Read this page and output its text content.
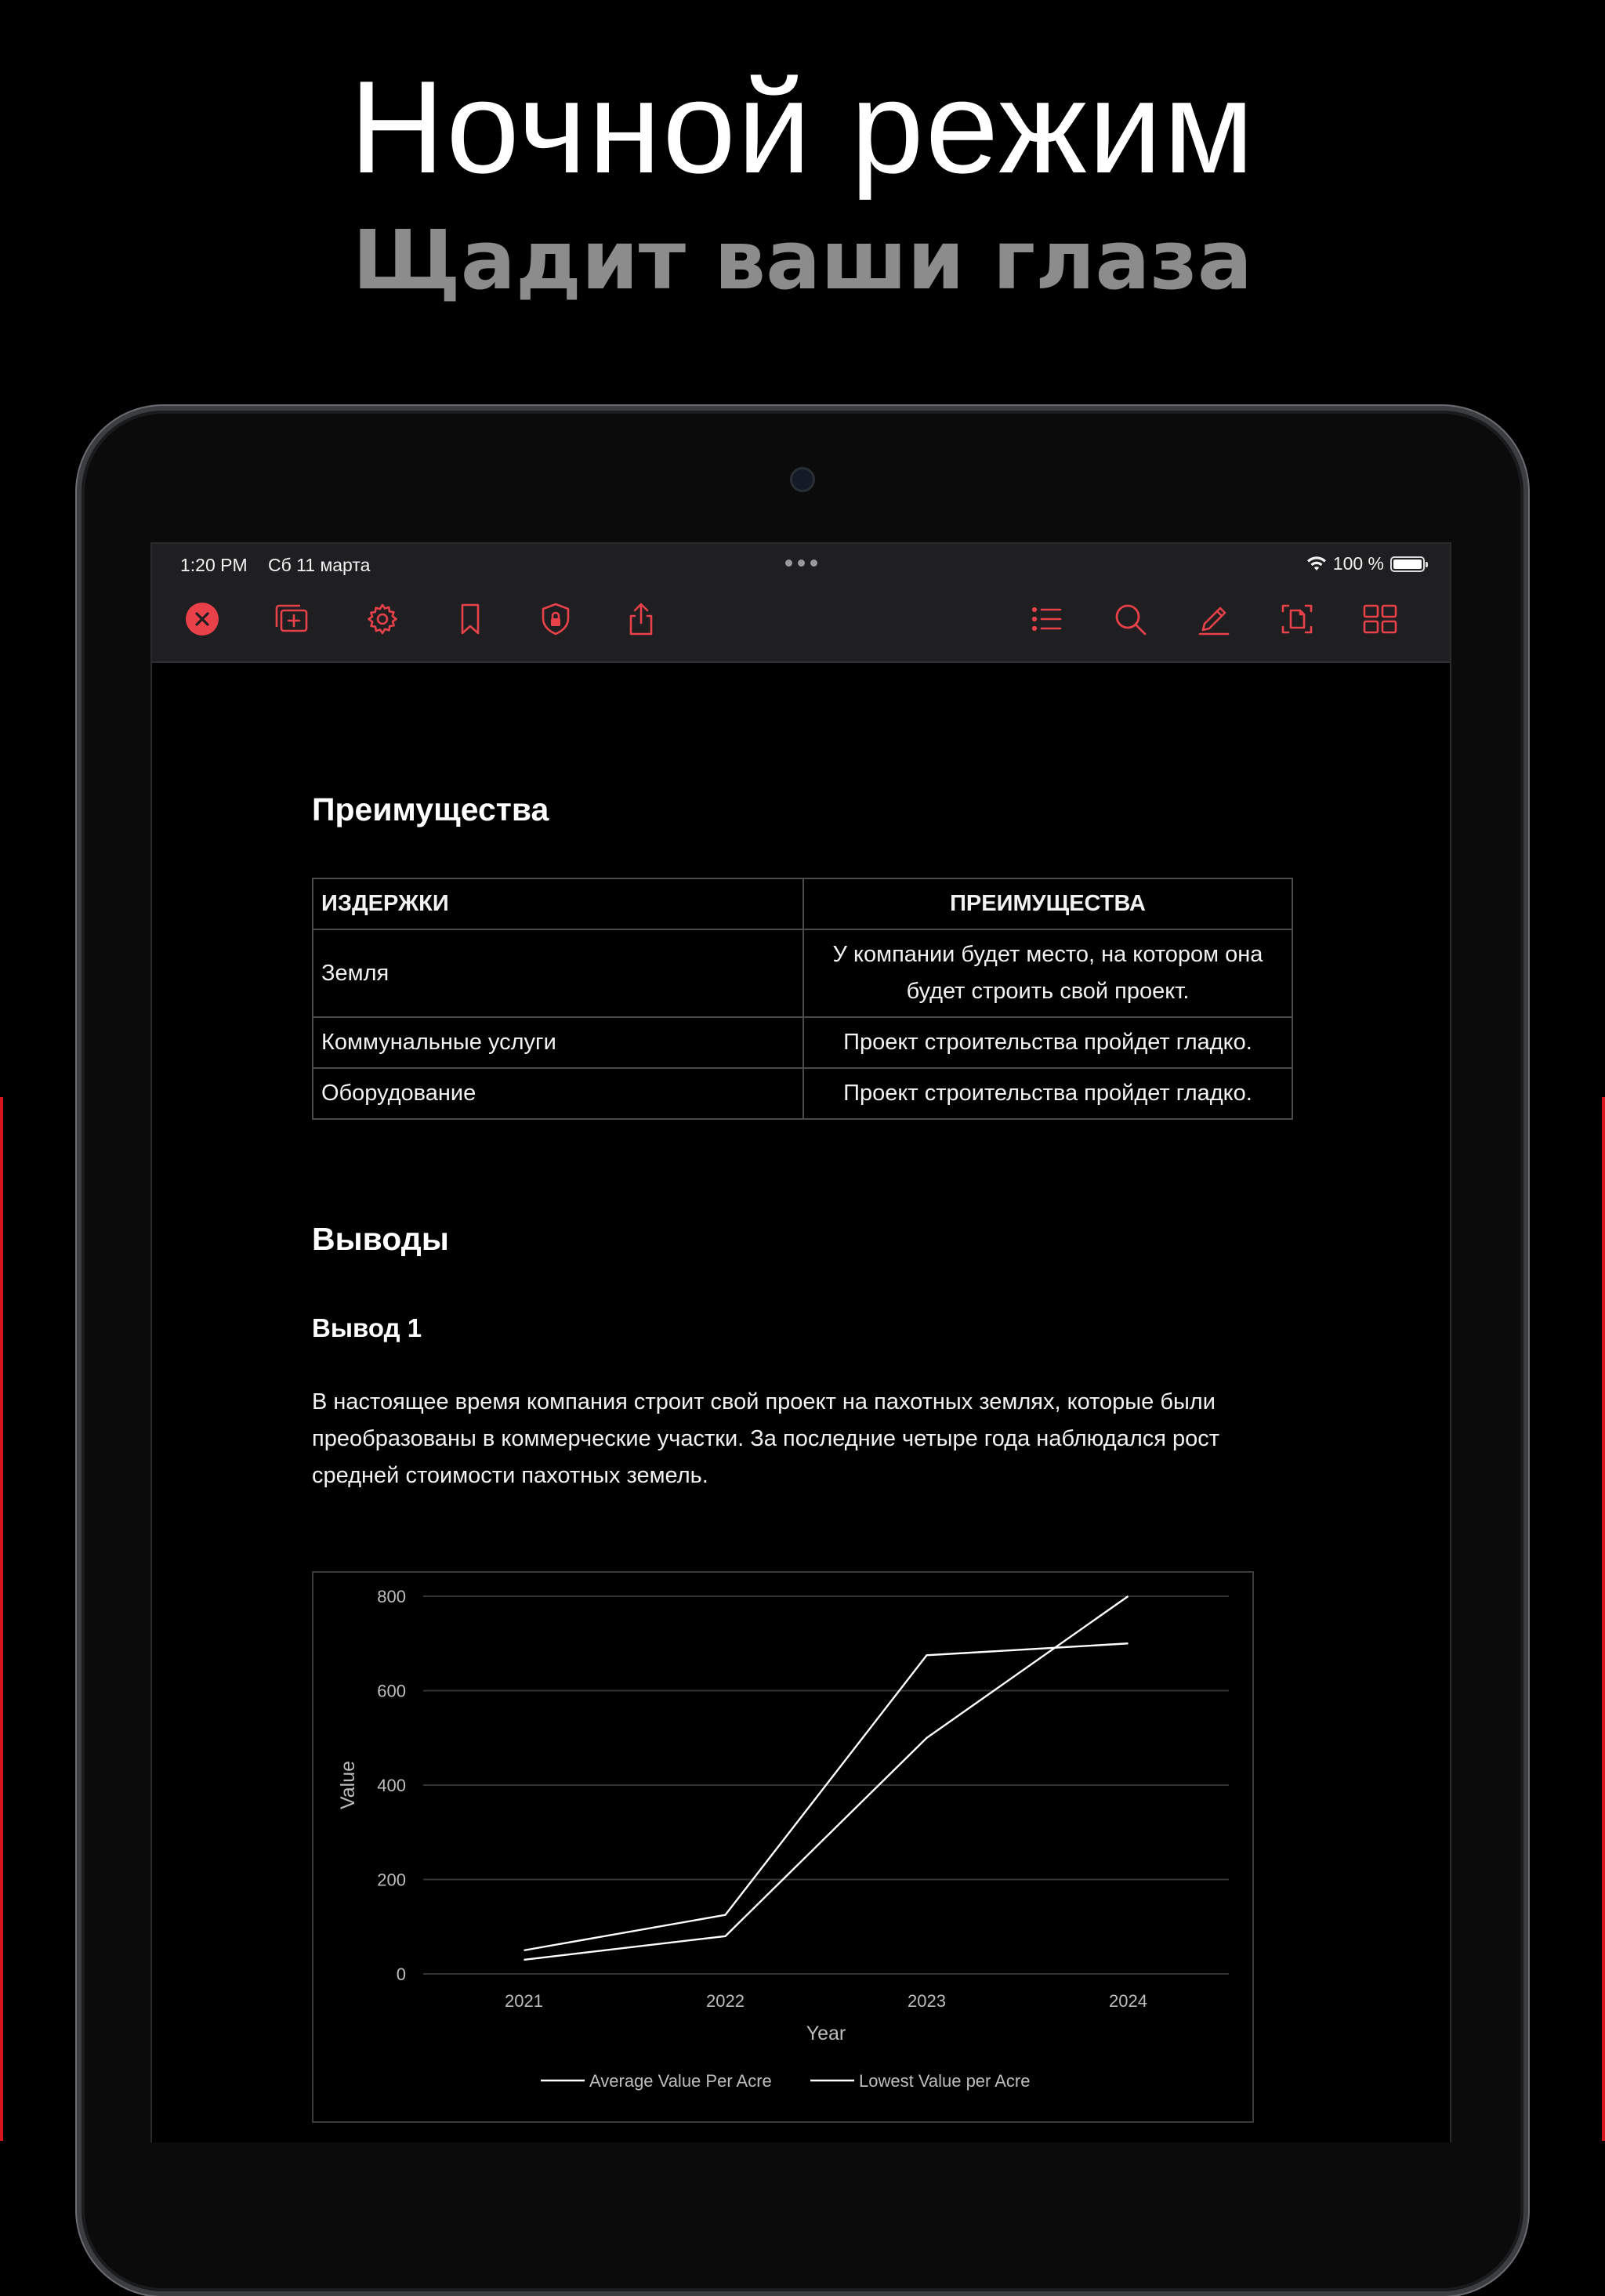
Ночной режим
Щадит ваши глаза
1:20 PM Сб 11 марта	100 %
Преимущества
ИЗДЕРЖКИ	ПРЕИМУЩЕСТВА
Земля	У компании будет место, на котором она будет строить свой проект.
Коммунальные услуги	Проект строительства пройдет гладко.
Оборудование	Проект строительства пройдет гладко.
Выводы
Вывод 1
В настоящее время компания строит свой проект на пахотных землях, которые были преобразованы в коммерческие участки. За последние четыре года наблюдался рост средней стоимости пахотных земель.
0
200
400
600
800
2021	2022	2023	2024
Year
Value
Average Value Per Acre	Lowest Value per Acre
